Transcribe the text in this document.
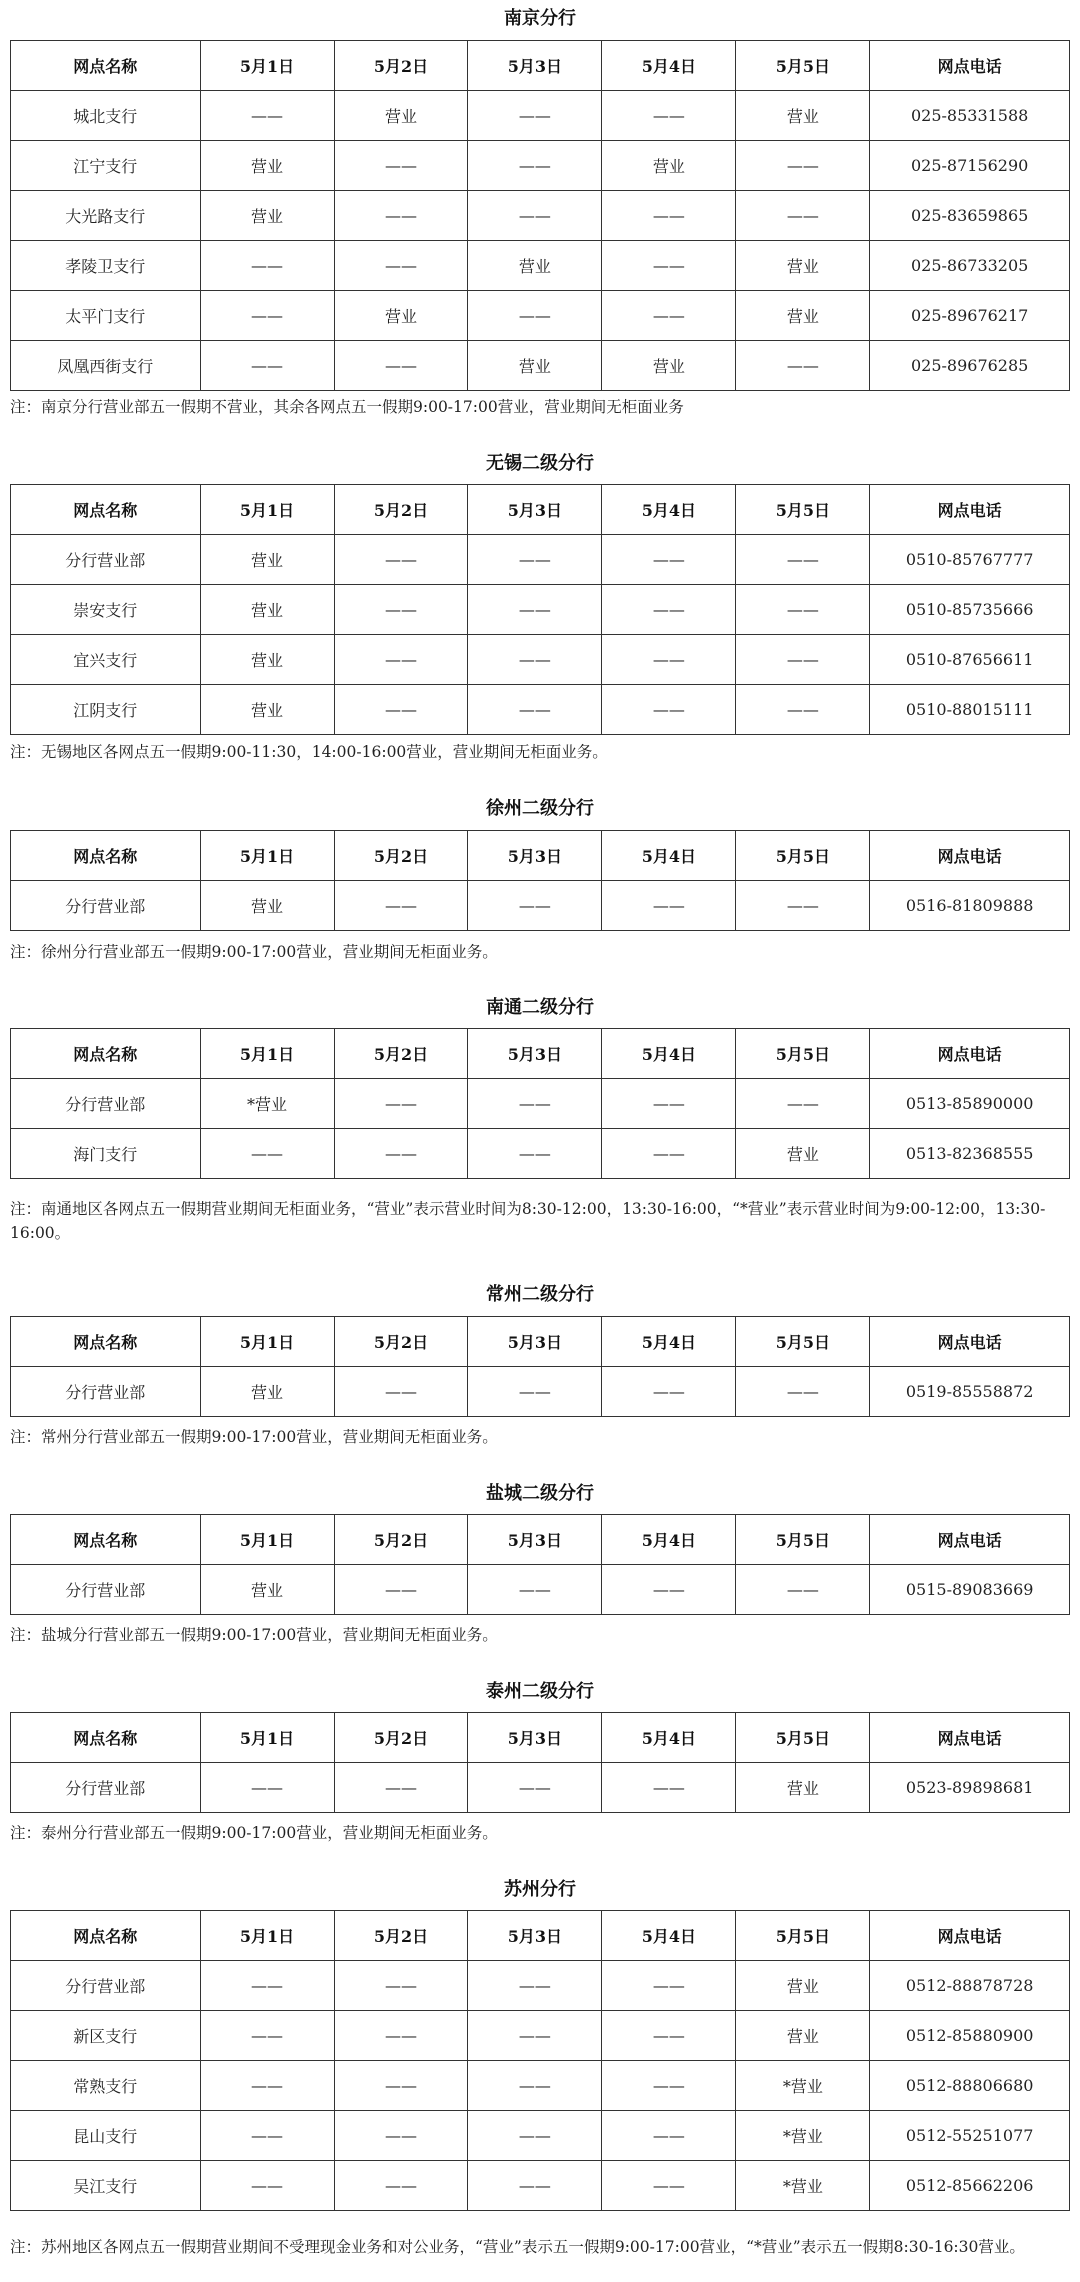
南京分行
网点名称	5月1日	5月2日	5月3日	5月4日	5月5日	网点电话
城北支行	——	营业	——	——	营业	025-85331588
江宁支行	营业	——	——	营业	——	025-87156290
大光路支行	营业	——	——	——	——	025-83659865
孝陵卫支行	——	——	营业	——	营业	025-86733205
太平门支行	——	营业	——	——	营业	025-89676217
凤凰西街支行	——	——	营业	营业	——	025-89676285
注：南京分行营业部五一假期不营业，其余各网点五一假期9:00-17:00营业，营业期间无柜面业务
无锡二级分行
网点名称	5月1日	5月2日	5月3日	5月4日	5月5日	网点电话
分行营业部	营业	——	——	——	——	0510-85767777
崇安支行	营业	——	——	——	——	0510-85735666
宜兴支行	营业	——	——	——	——	0510-87656611
江阴支行	营业	——	——	——	——	0510-88015111
注：无锡地区各网点五一假期9:00-11:30，14:00-16:00营业，营业期间无柜面业务。
徐州二级分行
网点名称	5月1日	5月2日	5月3日	5月4日	5月5日	网点电话
分行营业部	营业	——	——	——	——	0516-81809888
注：徐州分行营业部五一假期9:00-17:00营业，营业期间无柜面业务。
南通二级分行
网点名称	5月1日	5月2日	5月3日	5月4日	5月5日	网点电话
分行营业部	*营业	——	——	——	——	0513-85890000
海门支行	——	——	——	——	营业	0513-82368555
注：南通地区各网点五一假期营业期间无柜面业务，“营业”表示营业时间为8:30-12:00，13:30-16:00，“*营业”表示营业时间为9:00-12:00，13:30-16:00。
常州二级分行
网点名称	5月1日	5月2日	5月3日	5月4日	5月5日	网点电话
分行营业部	营业	——	——	——	——	0519-85558872
注：常州分行营业部五一假期9:00-17:00营业，营业期间无柜面业务。
盐城二级分行
网点名称	5月1日	5月2日	5月3日	5月4日	5月5日	网点电话
分行营业部	营业	——	——	——	——	0515-89083669
注：盐城分行营业部五一假期9:00-17:00营业，营业期间无柜面业务。
泰州二级分行
网点名称	5月1日	5月2日	5月3日	5月4日	5月5日	网点电话
分行营业部	——	——	——	——	营业	0523-89898681
注：泰州分行营业部五一假期9:00-17:00营业，营业期间无柜面业务。
苏州分行
网点名称	5月1日	5月2日	5月3日	5月4日	5月5日	网点电话
分行营业部	——	——	——	——	营业	0512-88878728
新区支行	——	——	——	——	营业	0512-85880900
常熟支行	——	——	——	——	*营业	0512-88806680
昆山支行	——	——	——	——	*营业	0512-55251077
吴江支行	——	——	——	——	*营业	0512-85662206
注：苏州地区各网点五一假期营业期间不受理现金业务和对公业务，“营业”表示五一假期9:00-17:00营业，“*营业”表示五一假期8:30-16:30营业。
